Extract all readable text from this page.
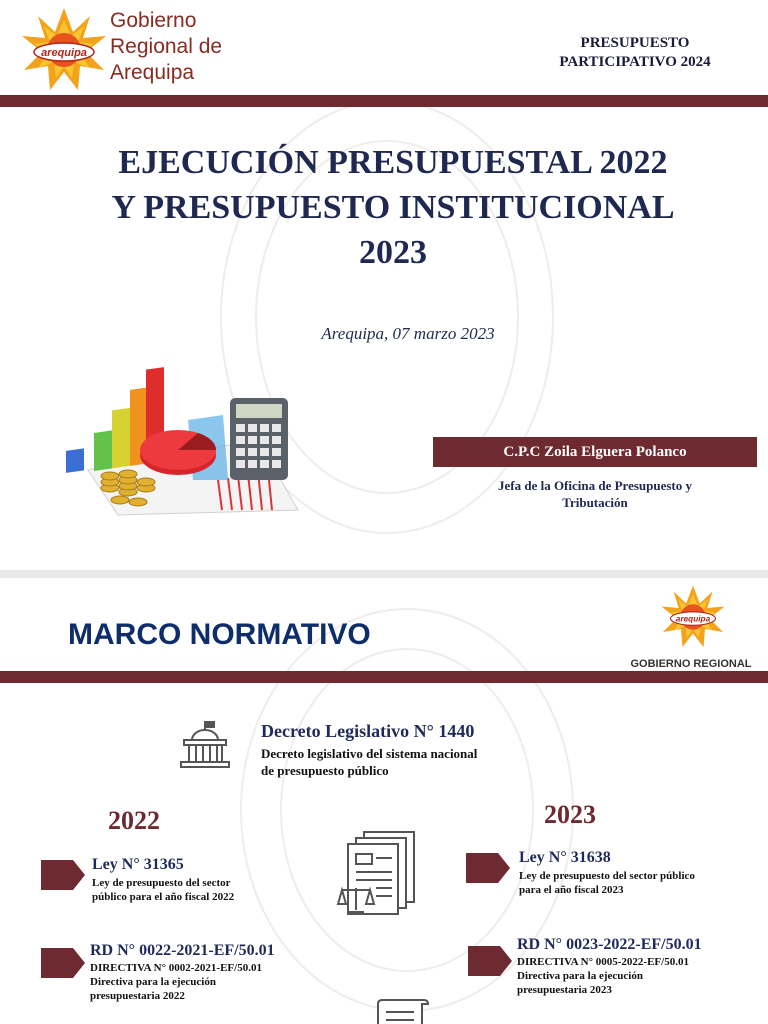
arequipa
Gobierno
Regional de
Arequipa
PRESUPUESTO
PARTICIPATIVO 2024
EJECUCIÓN PRESUPUESTAL 2022
Y PRESUPUESTO INSTITUCIONAL
2023
Arequipa, 07 marzo 2023
C.P.C Zoila Elguera Polanco
Jefa de la Oficina de Presupuesto y
Tributación
MARCO NORMATIVO	arequipa
GOBIERNO REGIONAL
Decreto Legislativo N° 1440
Decreto legislativo del sistema nacional
de presupuesto público
2022	2023
Ley N° 31365
Ley de presupuesto del sector
público para el año fiscal 2022
RD N° 0022-2021-EF/50.01
DIRECTIVA N° 0002-2021-EF/50.01
Directiva para la ejecución
presupuestaria 2022
Ley N° 31638
Ley de presupuesto del sector público
para el año fiscal 2023
RD N° 0023-2022-EF/50.01
DIRECTIVA N° 0005-2022-EF/50.01
Directiva para la ejecución
presupuestaria 2023
